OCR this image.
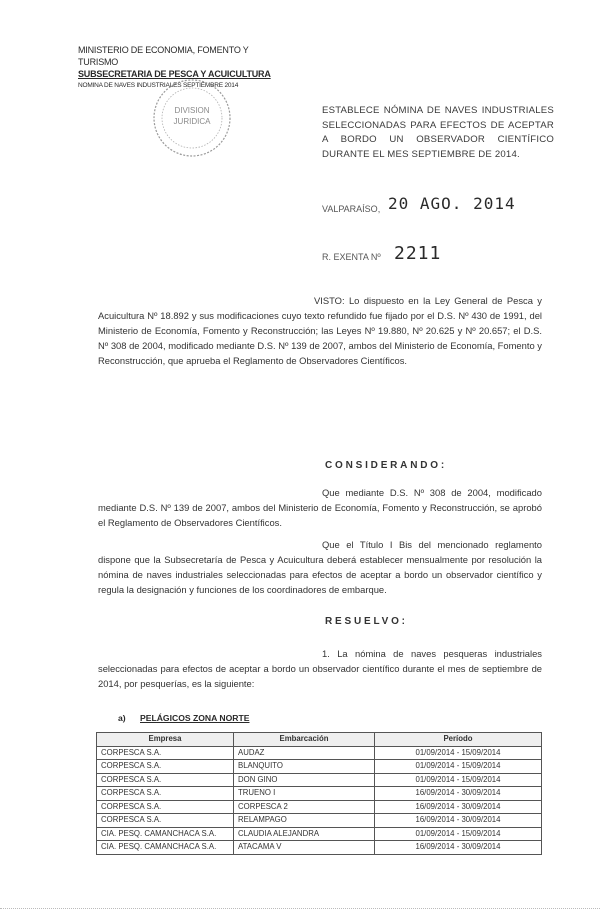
MINISTERIO DE ECONOMIA, FOMENTO Y TURISMO
SUBSECRETARIA DE PESCA Y ACUICULTURA
NOMINA DE NAVES INDUSTRIALES SEPTIEMBRE 2014
DIVISION
JURIDICA
ESTABLECE NÓMINA DE NAVES INDUSTRIALES SELECCIONADAS PARA EFECTOS DE ACEPTAR A BORDO UN OBSERVADOR CIENTÍFICO DURANTE EL MES SEPTIEMBRE DE 2014.
VALPARAÍSO, 20 AGO. 2014
R. EXENTA Nº 2211
VISTO: Lo dispuesto en la Ley General de Pesca y Acuicultura Nº 18.892 y sus modificaciones cuyo texto refundido fue fijado por el D.S. Nº 430 de 1991, del Ministerio de Economía, Fomento y Reconstrucción; las Leyes Nº 19.880, Nº 20.625 y Nº 20.657; el D.S. Nº 308 de 2004, modificado mediante D.S. Nº 139 de 2007, ambos del Ministerio de Economía, Fomento y Reconstrucción, que aprueba el Reglamento de Observadores Científicos.
CONSIDERANDO:
Que mediante D.S. Nº 308 de 2004, modificado mediante D.S. Nº 139 de 2007, ambos del Ministerio de Economía, Fomento y Reconstrucción, se aprobó el Reglamento de Observadores Científicos.
Que el Título I Bis del mencionado reglamento dispone que la Subsecretaría de Pesca y Acuicultura deberá establecer mensualmente por resolución la nómina de naves industriales seleccionadas para efectos de aceptar a bordo un observador científico y regula la designación y funciones de los coordinadores de embarque.
RESUELVO:
1. La nómina de naves pesqueras industriales seleccionadas para efectos de aceptar a bordo un observador científico durante el mes de septiembre de 2014, por pesquerías, es la siguiente:
a) PELÁGICOS ZONA NORTE
Empresa	Embarcación	Período
CORPESCA S.A.	AUDAZ	01/09/2014 - 15/09/2014
CORPESCA S.A.	BLANQUITO	01/09/2014 - 15/09/2014
CORPESCA S.A.	DON GINO	01/09/2014 - 15/09/2014
CORPESCA S.A.	TRUENO I	16/09/2014 - 30/09/2014
CORPESCA S.A.	CORPESCA 2	16/09/2014 - 30/09/2014
CORPESCA S.A.	RELAMPAGO	16/09/2014 - 30/09/2014
CIA. PESQ. CAMANCHACA S.A.	CLAUDIA ALEJANDRA	01/09/2014 - 15/09/2014
CIA. PESQ. CAMANCHACA S.A.	ATACAMA V	16/09/2014 - 30/09/2014
